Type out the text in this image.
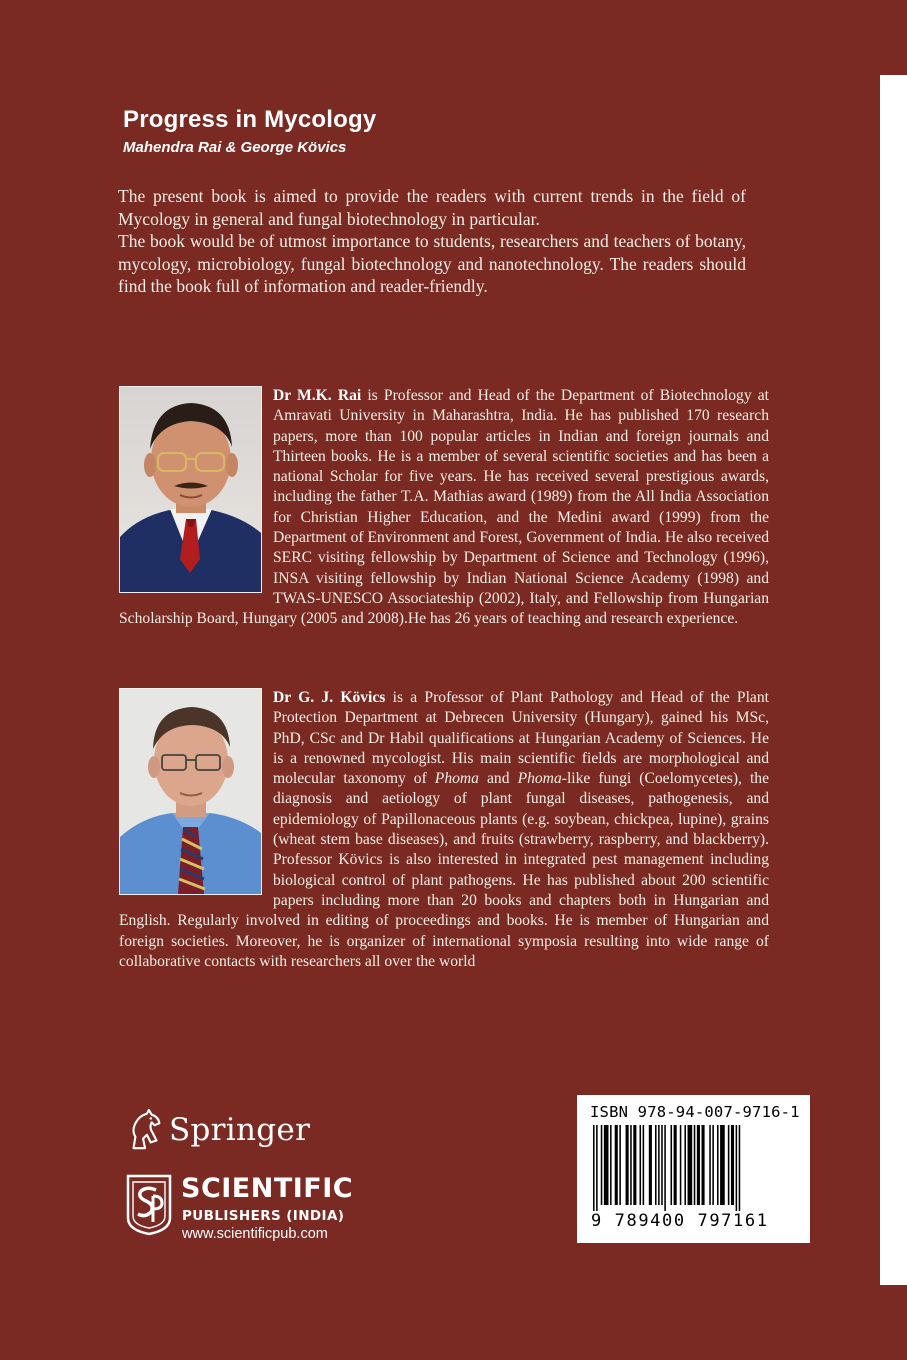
Progress in Mycology
Mahendra Rai & George Kövics

The present book is aimed to provide the readers with current trends in the field of Mycology in general and fungal biotechnology in particular.

The book would be of utmost importance to students, researchers and teachers of botany, mycology, microbiology, fungal biotechnology and nanotechnology. The readers should find the book full of information and reader-friendly.

Dr M.K. Rai is Professor and Head of the Department of Biotechnology at Amravati University in Maharashtra, India. He has published 170 research papers, more than 100 popular articles in Indian and foreign journals and Thirteen books. He is a member of several scientific societies and has been a national Scholar for five years. He has received several prestigious awards, including the father T.A. Mathias award (1989) from the All India Association for Christian Higher Education, and the Medini award (1999) from the Department of Environment and Forest, Government of India. He also received SERC visiting fellowship by Department of Science and Technology (1996), INSA visiting fellowship by Indian National Science Academy (1998) and TWAS-UNESCO Associateship (2002), Italy, and Fellowship from Hungarian Scholarship Board, Hungary (2005 and 2008).He has 26 years of teaching and research experience.
Dr G. J. Kövics is a Professor of Plant Pathology and Head of the Plant Protection Department at Debrecen University (Hungary), gained his MSc, PhD, CSc and Dr Habil qualifications at Hungarian Academy of Sciences. He is a renowned mycologist. His main scientific fields are morphological and molecular taxonomy of Phoma and Phoma-like fungi (Coelomycetes), the diagnosis and aetiology of plant fungal diseases, pathogenesis, and epidemiology of Papillonaceous plants (e.g. soybean, chickpea, lupine), grains (wheat stem base diseases), and fruits (strawberry, raspberry, and blackberry). Professor Kövics is also interested in integrated pest management including biological control of plant pathogens. He has published about 200 scientific papers including more than 20 books and chapters both in Hungarian and English. Regularly involved in editing of proceedings and books. He is member of Hungarian and foreign societies. Moreover, he is organizer of international symposia resulting into wide range of collaborative contacts with researchers all over the world
Springer
SCIENTIFIC
PUBLISHERS (INDIA)
www.scientificpub.com
ISBN 978-94-007-9716-1
9 789400 797161
